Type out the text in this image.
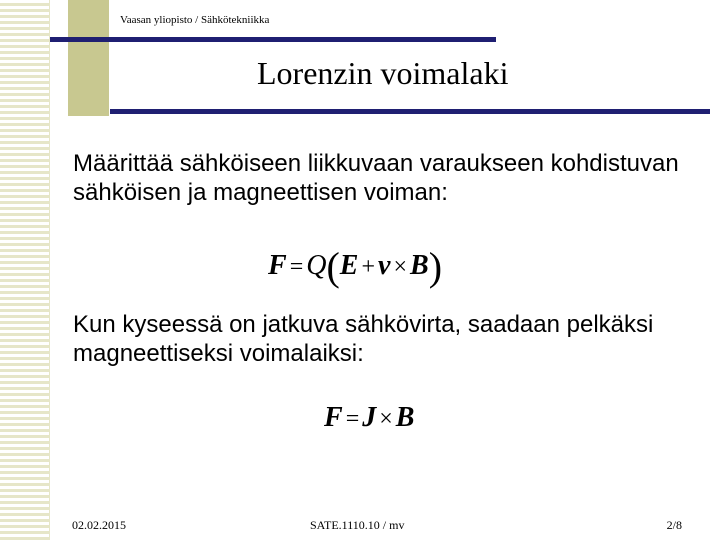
Vaasan yliopisto / Sähkötekniikka
Lorenzin voimalaki

Määrittää sähköiseen liikkuvaan varaukseen kohdistuvan sähköisen ja magneettisen voiman:

F = Q(E + v × B)

Kun kyseessä on jatkuva sähkövirta, saadaan pelkäksi magneettiseksi voimalaiksi:

F = J × B
02.02.2015	SATE.1110.10 / mv	2/8
